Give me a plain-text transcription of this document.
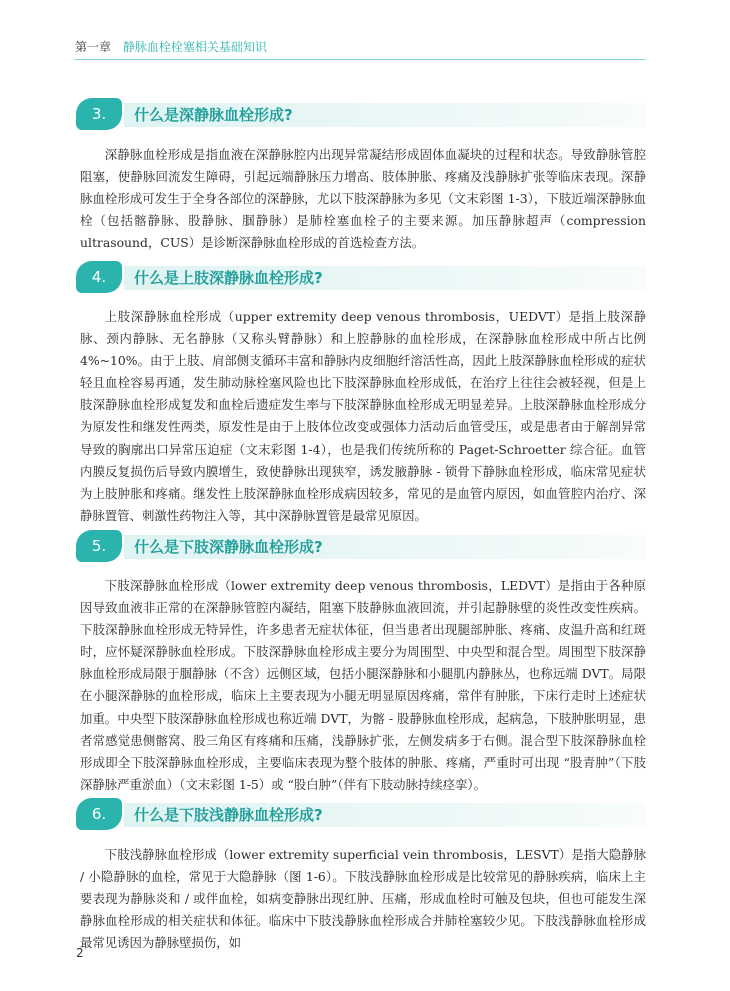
第一章 静脉血栓栓塞相关基础知识
3.	什么是深静脉血栓形成?

深静脉血栓形成是指血液在深静脉腔内出现异常凝结形成固体血凝块的过程和状态。导致静脉管腔阻塞，使静脉回流发生障碍，引起远端静脉压力增高、肢体肿胀、疼痛及浅静脉扩张等临床表现。深静脉血栓形成可发生于全身各部位的深静脉，尤以下肢深静脉为多见（文末彩图 1-3），下肢近端深静脉血栓（包括髂静脉、股静脉、腘静脉）是肺栓塞血栓子的主要来源。加压静脉超声（compression ultrasound，CUS）是诊断深静脉血栓形成的首选检查方法。

4.	什么是上肢深静脉血栓形成?

上肢深静脉血栓形成（upper extremity deep venous thrombosis，UEDVT）是指上肢深静脉、颈内静脉、无名静脉（又称头臂静脉）和上腔静脉的血栓形成，在深静脉血栓形成中所占比例 4%~10%。由于上肢、肩部侧支循环丰富和静脉内皮细胞纤溶活性高，因此上肢深静脉血栓形成的症状轻且血栓容易再通，发生肺动脉栓塞风险也比下肢深静脉血栓形成低，在治疗上往往会被轻视，但是上肢深静脉血栓形成复发和血栓后遗症发生率与下肢深静脉血栓形成无明显差异。上肢深静脉血栓形成分为原发性和继发性两类，原发性是由于上肢体位改变或强体力活动后血管受压，或是患者由于解剖异常导致的胸廓出口异常压迫症（文末彩图 1-4），也是我们传统所称的 Paget-Schroetter 综合征。血管内膜反复损伤后导致内膜增生，致使静脉出现狭窄，诱发腋静脉 - 锁骨下静脉血栓形成，临床常见症状为上肢肿胀和疼痛。继发性上肢深静脉血栓形成病因较多，常见的是血管内原因，如血管腔内治疗、深静脉置管、刺激性药物注入等，其中深静脉置管是最常见原因。

5.	什么是下肢深静脉血栓形成?

下肢深静脉血栓形成（lower extremity deep venous thrombosis，LEDVT）是指由于各种原因导致血液非正常的在深静脉管腔内凝结，阻塞下肢静脉血液回流，并引起静脉壁的炎性改变性疾病。下肢深静脉血栓形成无特异性，许多患者无症状体征，但当患者出现腿部肿胀、疼痛、皮温升高和红斑时，应怀疑深静脉血栓形成。下肢深静脉血栓形成主要分为周围型、中央型和混合型。周围型下肢深静脉血栓形成局限于腘静脉（不含）远侧区域，包括小腿深静脉和小腿肌内静脉丛，也称远端 DVT。局限在小腿深静脉的血栓形成，临床上主要表现为小腿无明显原因疼痛，常伴有肿胀，下床行走时上述症状加重。中央型下肢深静脉血栓形成也称近端 DVT，为髂 - 股静脉血栓形成，起病急，下肢肿胀明显，患者常感觉患侧髂窝、股三角区有疼痛和压痛，浅静脉扩张，左侧发病多于右侧。混合型下肢深静脉血栓形成即全下肢深静脉血栓形成，主要临床表现为整个肢体的肿胀、疼痛，严重时可出现 “股青肿”（下肢深静脉严重淤血）（文末彩图 1-5）或 “股白肿”（伴有下肢动脉持续痉挛）。

6.	什么是下肢浅静脉血栓形成?

下肢浅静脉血栓形成（lower extremity superficial vein thrombosis，LESVT）是指大隐静脉 / 小隐静脉的血栓，常见于大隐静脉（图 1-6）。下肢浅静脉血栓形成是比较常见的静脉疾病，临床上主要表现为静脉炎和 / 或伴血栓，如病变静脉出现红肿、压痛，形成血栓时可触及包块，但也可能发生深静脉血栓形成的相关症状和体征。临床中下肢浅静脉血栓形成合并肺栓塞较少见。下肢浅静脉血栓形成最常见诱因为静脉壁损伤，如

2
